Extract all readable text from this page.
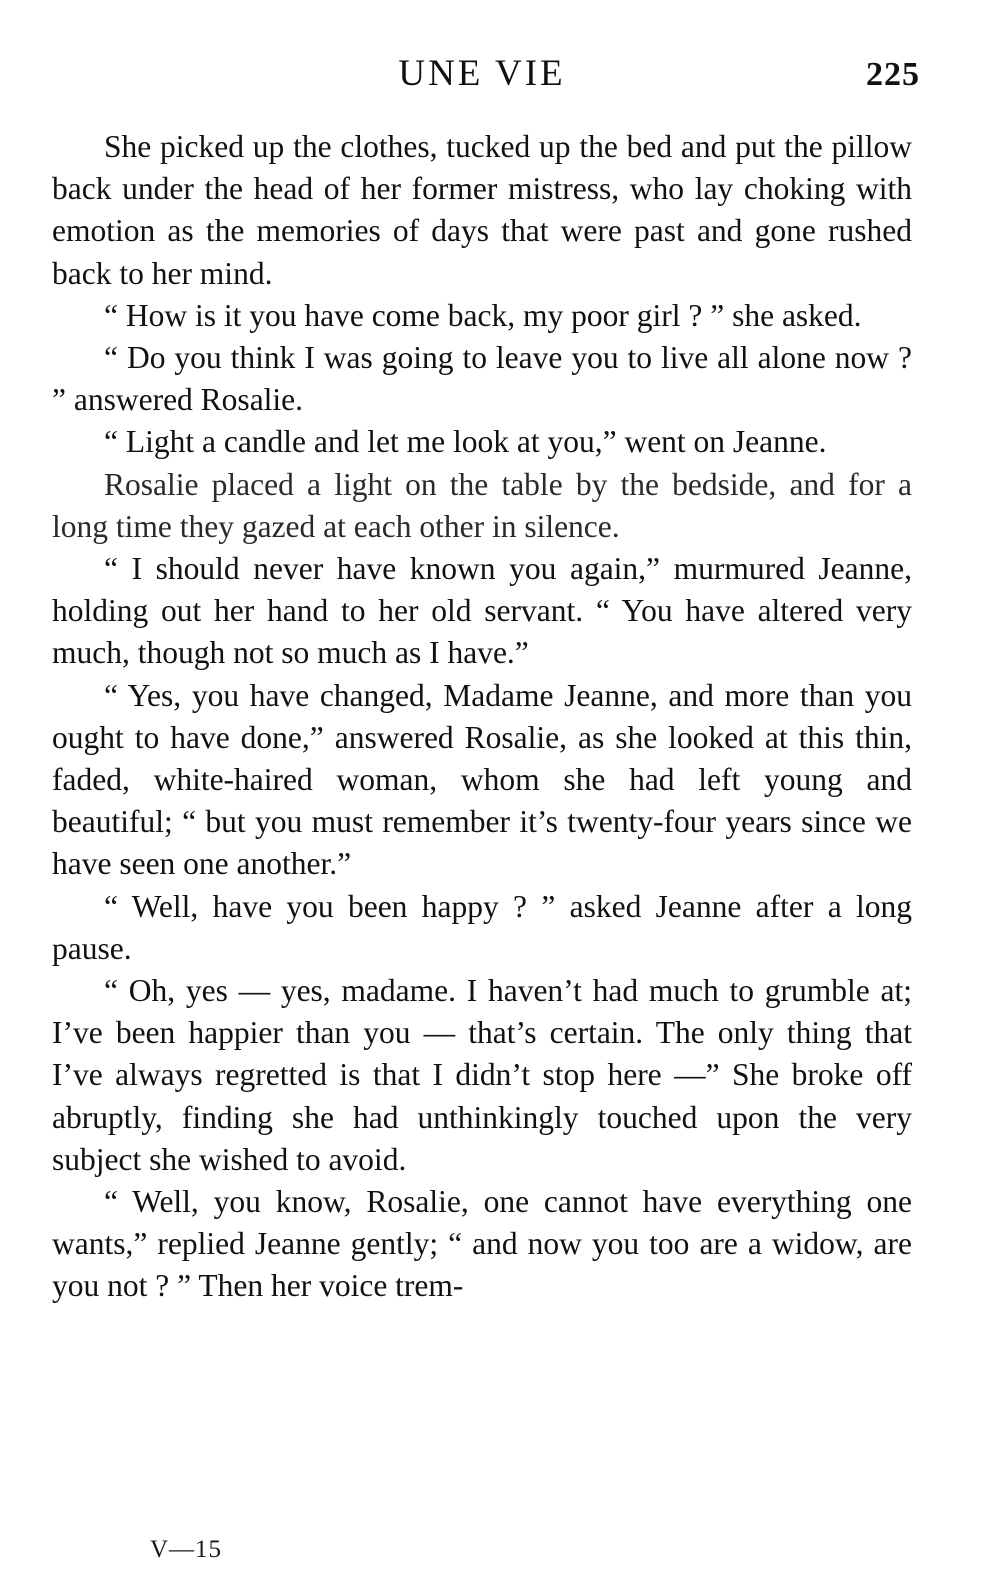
UNE VIE	225

She picked up the clothes, tucked up the bed and put the pillow back under the head of her former mistress, who lay choking with emotion as the memories of days that were past and gone rushed back to her mind.

“ How is it you have come back, my poor girl ? ” she asked.

“ Do you think I was going to leave you to live all alone now ? ” answered Rosalie.

“ Light a candle and let me look at you,” went on Jeanne.

Rosalie placed a light on the table by the bedside, and for a long time they gazed at each other in silence.

“ I should never have known you again,” murmured Jeanne, holding out her hand to her old servant. “ You have altered very much, though not so much as I have.”

“ Yes, you have changed, Madame Jeanne, and more than you ought to have done,” answered Rosalie, as she looked at this thin, faded, white-haired woman, whom she had left young and beautiful; “ but you must remember it’s twenty-four years since we have seen one another.”

“ Well, have you been happy ? ” asked Jeanne after a long pause.

“ Oh, yes — yes, madame. I haven’t had much to grumble at; I’ve been happier than you — that’s certain. The only thing that I’ve always regretted is that I didn’t stop here —” She broke off abruptly, finding she had unthinkingly touched upon the very subject she wished to avoid.

“ Well, you know, Rosalie, one cannot have everything one wants,” replied Jeanne gently; “ and now you too are a widow, are you not ? ” Then her voice trem-

V—15
